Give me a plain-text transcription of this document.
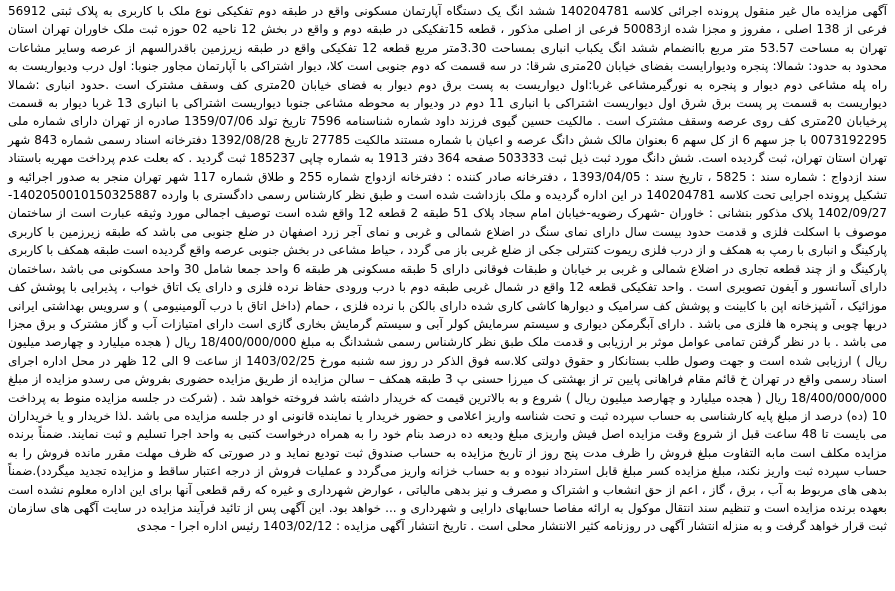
آگهی مزایده مال غیر منقول پرونده اجرائی کلاسه 140204781 ششد انگ یک دستگاه آپارتمان مسکونی واقع در طبقه دوم تفکیکی نوع ملک با کاربری به پلاک ثبتی 56912 فرعی از 138 اصلی ، مفروز و مجزا شده از50083 فرعی از اصلی مذکور ، قطعه 15تفکیکی در طبقه دوم و واقع در بخش 12 ناحیه 02 حوزه ثبت ملک خاوران تهران استان تهران به مساحت 53.57 متر مربع باانضمام ششد انگ یکباب انباری بمساحت 3.30متر مربع قطعه 12 تفکیکی واقع در طبقه زیرزمین باقدرالسهم از عرصه وسایر مشاعات محدود به حدود: شمالا: پنجره ودیوارایست بفضای خیابان 20متری شرقا: در سه قسمت که دوم جنوبی است کلا، دیوار اشتراکی با آپارتمان مجاور جنوبا: اول درب ودیواریست به راه پله مشاعی دوم دیوار و پنجره به نورگیرمشاعی غربا:اول دیواریست به پست برق دوم دیوار به فضای خیابان 20متری کف وسقف مشترک است .حدود انباری :شمالا دیواریست به قسمت پر پست برق شرق اول دیواریست اشتراکی با انباری 11 دوم در ودیوار به محوطه مشاعی جنوبا دیواریست اشتراکی با انباری 13 غربا دیوار به قسمت پرخیابان 20متری کف روی عرصه وسقف مشترک است . مالکیت حسین گیوی فرزند داود شماره شناسنامه 7596 تاریخ تولد 1359/07/06 صادره از تهران دارای شماره ملی 0073192295 با جز سهم 6 از کل سهم 6 بعنوان مالک شش دانگ عرصه و اعیان با شماره مستند مالکیت 27785 تاریخ 1392/08/28 دفترخانه اسناد رسمی شماره 843 شهر تهران استان تهران، ثبت گردیده است. شش دانگ مورد ثبت ذیل ثبت 503333 صفحه 364 دفتر 1913 به شماره چاپی 185237 ثبت گردید . که بعلت عدم پرداخت مهریه باستناد سند ازدواج : شماره سند : 5825 ، تاریخ سند : 1393/04/05 ، دفترخانه صادر کننده : دفترخانه ازدواج شماره 255 و طلاق شماره 117 شهر تهران منجر به صدور اجرائیه و تشکیل پرونده اجرایی تحت کلاسه 140204781 در این اداره گردیده و ملک بازداشت شده است و طبق نظر کارشناس رسمی دادگستری با وارده 1402050010150325887-1402/09/27 پلاک مذکور بنشانی : خاوران -شهرک رضویه-خیابان امام سجاد پلاک 51 طبقه 2 قطعه 12 واقع شده است توصیف اجمالی مورد وثیقه عبارت است از ساختمان موصوف با اسکلت فلزی و قدمت حدود بیست سال دارای نمای سنگ در اضلاع شمالی و غربی و نمای آجر زرد اصفهان در ضلع جنوبی می باشد که طبقه زیرزمین با کاربری پارکینگ و انباری با رمپ به همکف و از درب فلزی ریموت کنترلی جکی از ضلع غربی باز می گردد ، حیاط مشاعی در بخش جنوبی عرصه واقع گردیده است طبقه همکف با کاربری پارکینگ و از چند قطعه تجاری در اضلاع شمالی و غربی بر خیابان و طبقات فوقانی دارای 5 طبقه مسکونی هر طبقه 6 واحد جمعا شامل 30 واحد مسکونی می باشد ،ساختمان دارای آسانسور و آیفون تصویری است . واحد تفکیکی قطعه 12 واقع در شمال غربی طبقه دوم با درب ورودی حفاظ نرده فلزی و دارای یک اتاق خواب ، پذیرایی با پوشش کف موزائیک ، آشپزخانه اپن با کابینت و پوشش کف سرامیک و دیوارها کاشی کاری شده دارای بالکن با نرده فلزی ، حمام (داخل اتاق با درب آلومینیومی ) و سرویس بهداشتی ایرانی دربها چوبی و پنجره ها فلزی می باشد . دارای آبگرمکن دیواری و سیستم سرمایش کولر آبی و سیستم گرمایش بخاری گازی است دارای امتیازات آب و گاز مشترک و برق مجزا می باشد . با در نظر گرفتن تمامی عوامل موثر بر ارزیابی و قدمت ملک طبق نظر کارشناس رسمی ششدانگ به مبلغ 18/400/000/000 ریال ( هجده میلیارد و چهارصد میلیون ریال ) ارزیابی شده است و جهت وصول طلب بستانکار و حقوق دولتی کلا.سه فوق الذکر در روز سه شنبه مورخ 1403/02/25 از ساعت 9 الی 12 ظهر در محل اداره اجرای اسناد رسمی واقع در تهران خ قائم مقام فراهانی پایین تر از بهشتی ک میرزا حسنی پ 3 طبقه همکف – سالن مزایده از طریق مزایده حضوری بفروش می رسدو مزایده از مبلغ 18/400/000/000 ریال ( هجده میلیارد و چهارصد میلیون ریال ) شروع و به بالاترین قیمت که خریدار داشته باشد فروخته خواهد شد . (شرکت در جلسه مزایده منوط به پرداخت 10 (ده) درصد از مبلغ پایه کارشناسی به حساب سپرده ثبت و تحت شناسه واریز اعلامی و حضور خریدار یا نماینده قانونی او در جلسه مزایده می باشد .لذا خریدار و یا خریداران می بایست تا 48 ساعت قبل از شروع وقت مزایده اصل فیش واریزی مبلغ ودیعه ده درصد بنام خود را به همراه درخواست کتبی به واحد اجرا تسلیم و ثبت نمایند. ضمناً برنده مزایده مکلف است مابه التفاوت مبلغ فروش را ظرف مدت پنج روز از تاریخ مزایده به حساب صندوق ثبت تودیع نماید و در صورتی که ظرف مهلت مقرر مانده فروش را به حساب سپرده ثبت واریز نکند، مبلغ مزایده کسر مبلغ قابل استرداد نبوده و به حساب خزانه واریز می‌گردد و عملیات فروش از درجه اعتبار ساقط و مزایده تجدید میگردد).ضمناً بدهی های مربوط به آب ، برق ، گاز ، اعم از حق انشعاب و اشتراک و مصرف و نیز بدهی مالیاتی ، عوارض شهرداری و غیره که رقم قطعی آنها برای این اداره معلوم نشده است بعهده برنده مزایده است و تنظیم سند انتقال موکول به ارائه مفاصا حسابهای دارایی و شهرداری و ... خواهد بود. این آگهی پس از تائید فرآیند مزایده در سایت آگهی های سازمان ثبت قرار خواهد گرفت و به منزله انتشار آگهی در روزنامه کثیر الانتشار محلی است . تاریخ انتشار آگهی مزایده : 1403/02/12 رئیس اداره اجرا - مجدی
